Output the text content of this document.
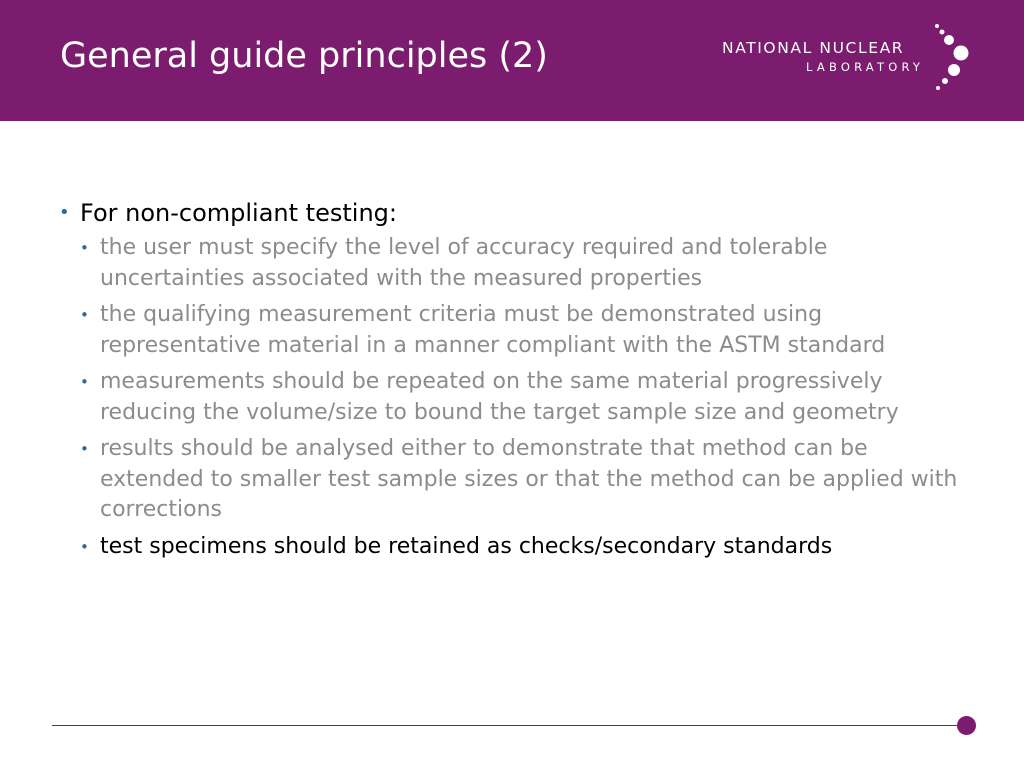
General guide principles (2)	NATIONAL NUCLEAR
LABORATORY
• For non-compliant testing:
• the user must specify the level of accuracy required and tolerable uncertainties associated with the measured properties
• the qualifying measurement criteria must be demonstrated using representative material in a manner compliant with the ASTM standard
• measurements should be repeated on the same material progressively reducing the volume/size to bound the target sample size and geometry
• results should be analysed either to demonstrate that method can be extended to smaller test sample sizes or that the method can be applied with corrections
• test specimens should be retained as checks/secondary standards
